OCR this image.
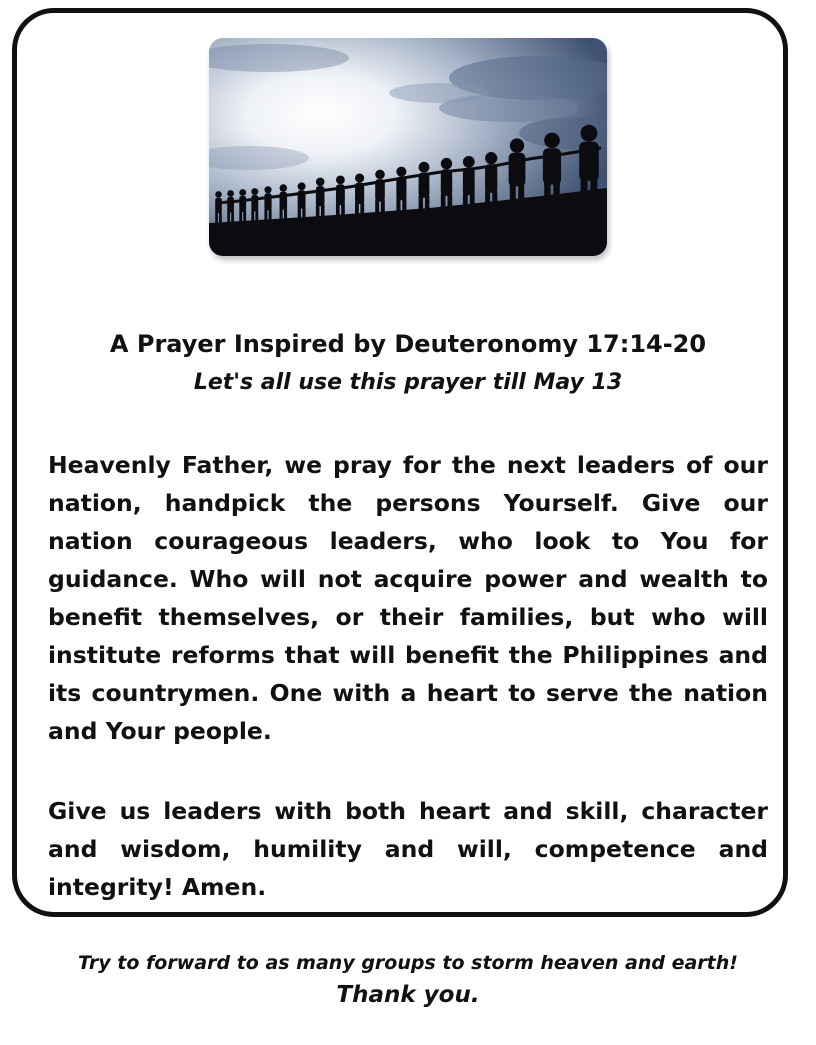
A Prayer Inspired by Deuteronomy 17:14-20
Let's all use this prayer till May 13
Heavenly Father, we pray for the next leaders of our nation, handpick the persons Yourself. Give our nation courageous leaders, who look to You for guidance. Who will not acquire power and wealth to benefit themselves, or their families, but who will institute reforms that will benefit the Philippines and its countrymen. One with a heart to serve the nation and Your people.
Give us leaders with both heart and skill, character and wisdom, humility and will, competence and integrity! Amen.
Try to forward to as many groups to storm heaven and earth!
Thank you.
